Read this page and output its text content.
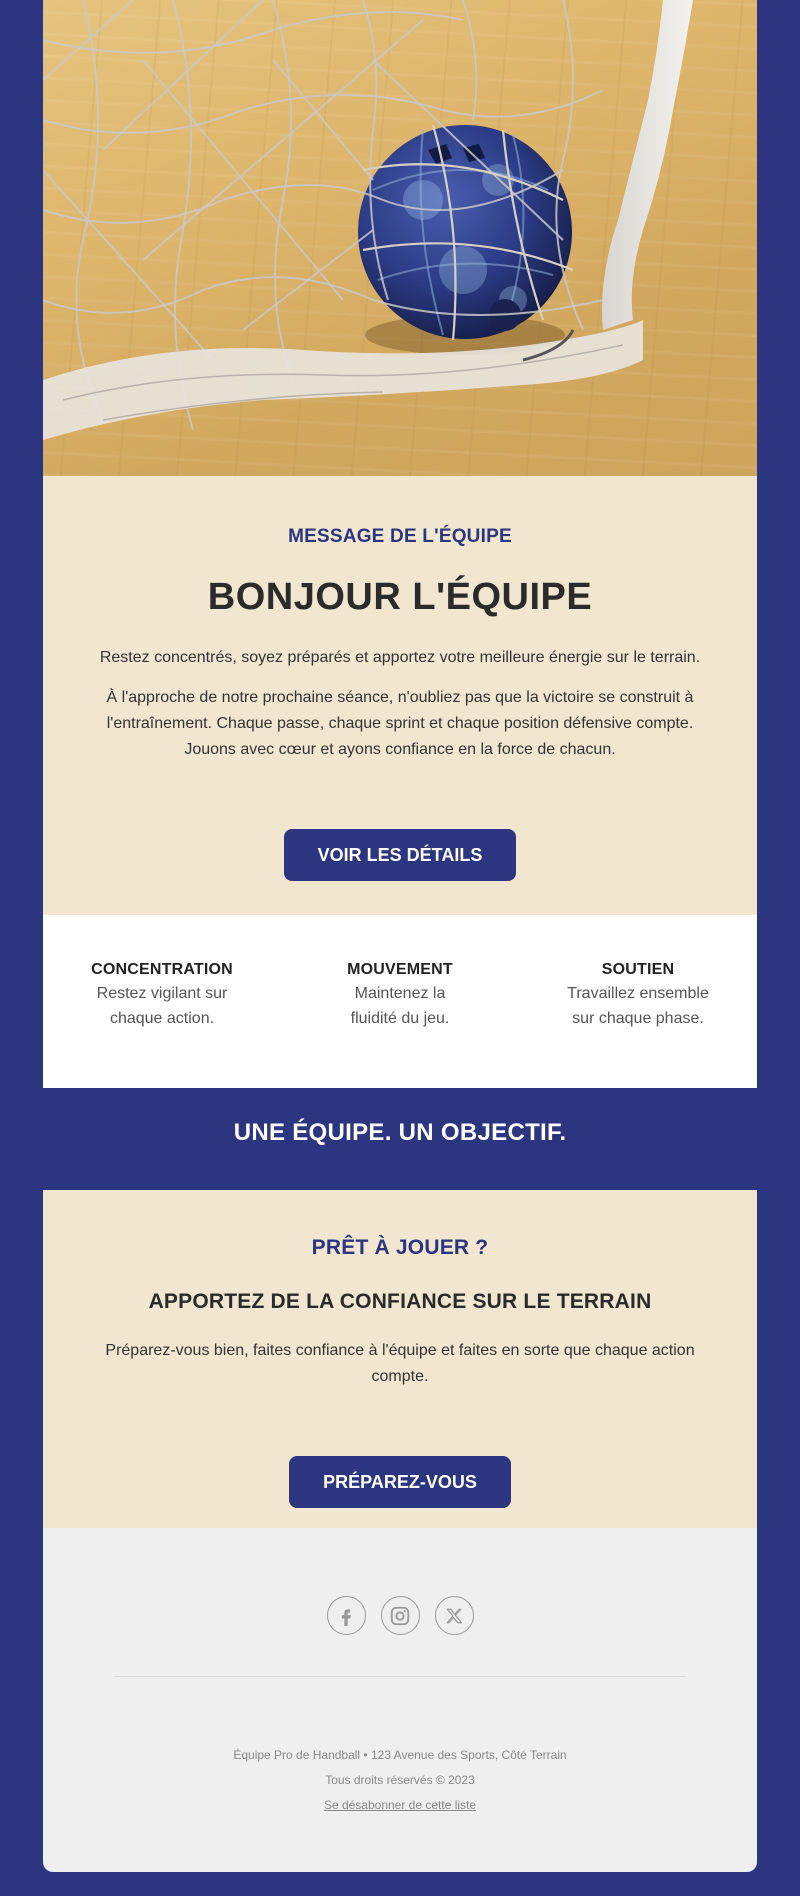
MESSAGE DE L'ÉQUIPE
BONJOUR L'ÉQUIPE

Restez concentrés, soyez préparés et apportez votre meilleure énergie sur le terrain.

À l'approche de notre prochaine séance, n'oubliez pas que la victoire se construit à l'entraînement. Chaque passe, chaque sprint et chaque position défensive compte. Jouons avec cœur et ayons confiance en la force de chacun.

VOIR LES DÉTAILS
CONCENTRATION
Restez vigilant sur chaque action.
MOUVEMENT
Maintenez la fluidité du jeu.
SOUTIEN
Travaillez ensemble sur chaque phase.
UNE ÉQUIPE. UN OBJECTIF.
PRÊT À JOUER ?
APPORTEZ DE LA CONFIANCE SUR LE TERRAIN

Préparez-vous bien, faites confiance à l'équipe et faites en sorte que chaque action compte.

PRÉPAREZ-VOUS
Équipe Pro de Handball • 123 Avenue des Sports, Côté Terrain
Tous droits réservés © 2023
Se désabonner de cette liste
